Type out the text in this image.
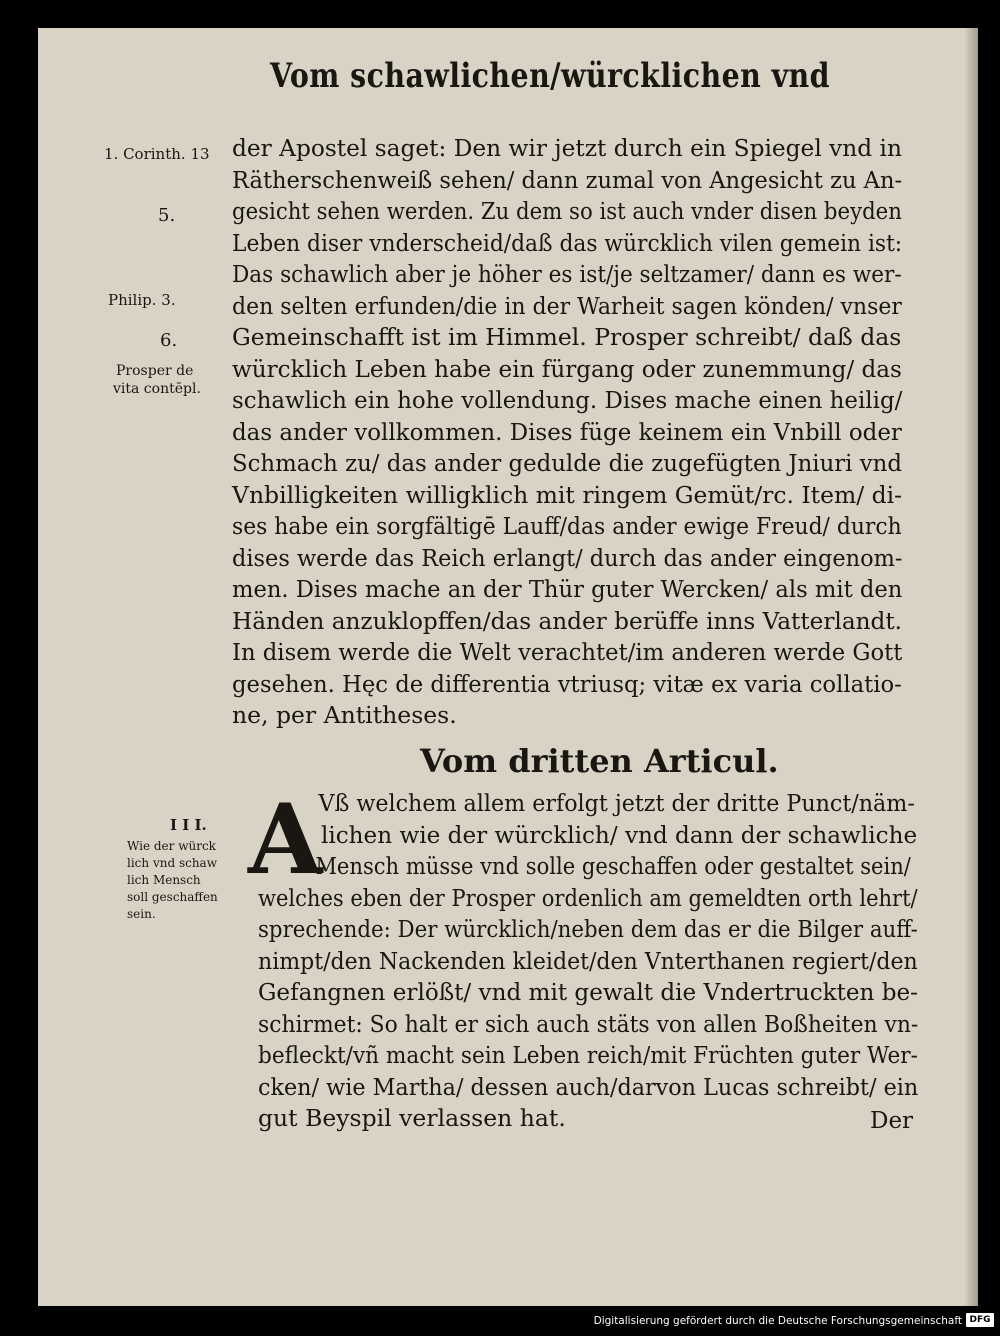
Vom schawlichen/würcklichen vnd
1. Corinth. 13
5.
Philip. 3.
6.
Prosper de
vita contēpl.
I I I.
Wie der würck
lich vnd schaw
lich Mensch
soll geschaffen
sein.
der Apostel saget: Den wir jetzt durch ein Spiegel vnd in
Rätherschenweiß sehen/ dann zumal von Angesicht zu An-
gesicht sehen werden. Zu dem so ist auch vnder disen beyden
Leben diser vnderscheid/daß das würcklich vilen gemein ist:
Das schawlich aber je höher es ist/je seltzamer/ dann es wer-
den selten erfunden/die in der Warheit sagen könden/ vnser
Gemeinschafft ist im Himmel. Prosper schreibt/ daß das
würcklich Leben habe ein fürgang oder zunemmung/ das
schawlich ein hohe vollendung. Dises mache einen heilig/
das ander vollkommen. Dises füge keinem ein Vnbill oder
Schmach zu/ das ander gedulde die zugefügten Jniuri vnd
Vnbilligkeiten willigklich mit ringem Gemüt/rc. Item/ di-
ses habe ein sorgfältigē Lauff/das ander ewige Freud/ durch
dises werde das Reich erlangt/ durch das ander eingenom-
men. Dises mache an der Thür guter Wercken/ als mit den
Händen anzuklopffen/das ander berüffe inns Vatterlandt.
In disem werde die Welt verachtet/im anderen werde Gott
gesehen. Hęc de differentia vtriusq; vitæ ex varia collatio-
ne, per Antitheses.
Vom dritten Articul.
A
Vß welchem allem erfolgt jetzt der dritte Punct/näm-
lichen wie der würcklich/ vnd dann der schawliche
Mensch müsse vnd solle geschaffen oder gestaltet sein/
welches eben der Prosper ordenlich am gemeldten orth lehrt/
sprechende: Der würcklich/neben dem das er die Bilger auff-
nimpt/den Nackenden kleidet/den Vnterthanen regiert/den
Gefangnen erlößt/ vnd mit gewalt die Vndertruckten be-
schirmet: So halt er sich auch stäts von allen Boßheiten vn-
befleckt/vñ macht sein Leben reich/mit Früchten guter Wer-
cken/ wie Martha/ dessen auch/darvon Lucas schreibt/ ein
gut Beyspil verlassen hat.	Der
Digitalisierung gefördert durch die Deutsche Forschungsgemeinschaft DFG
